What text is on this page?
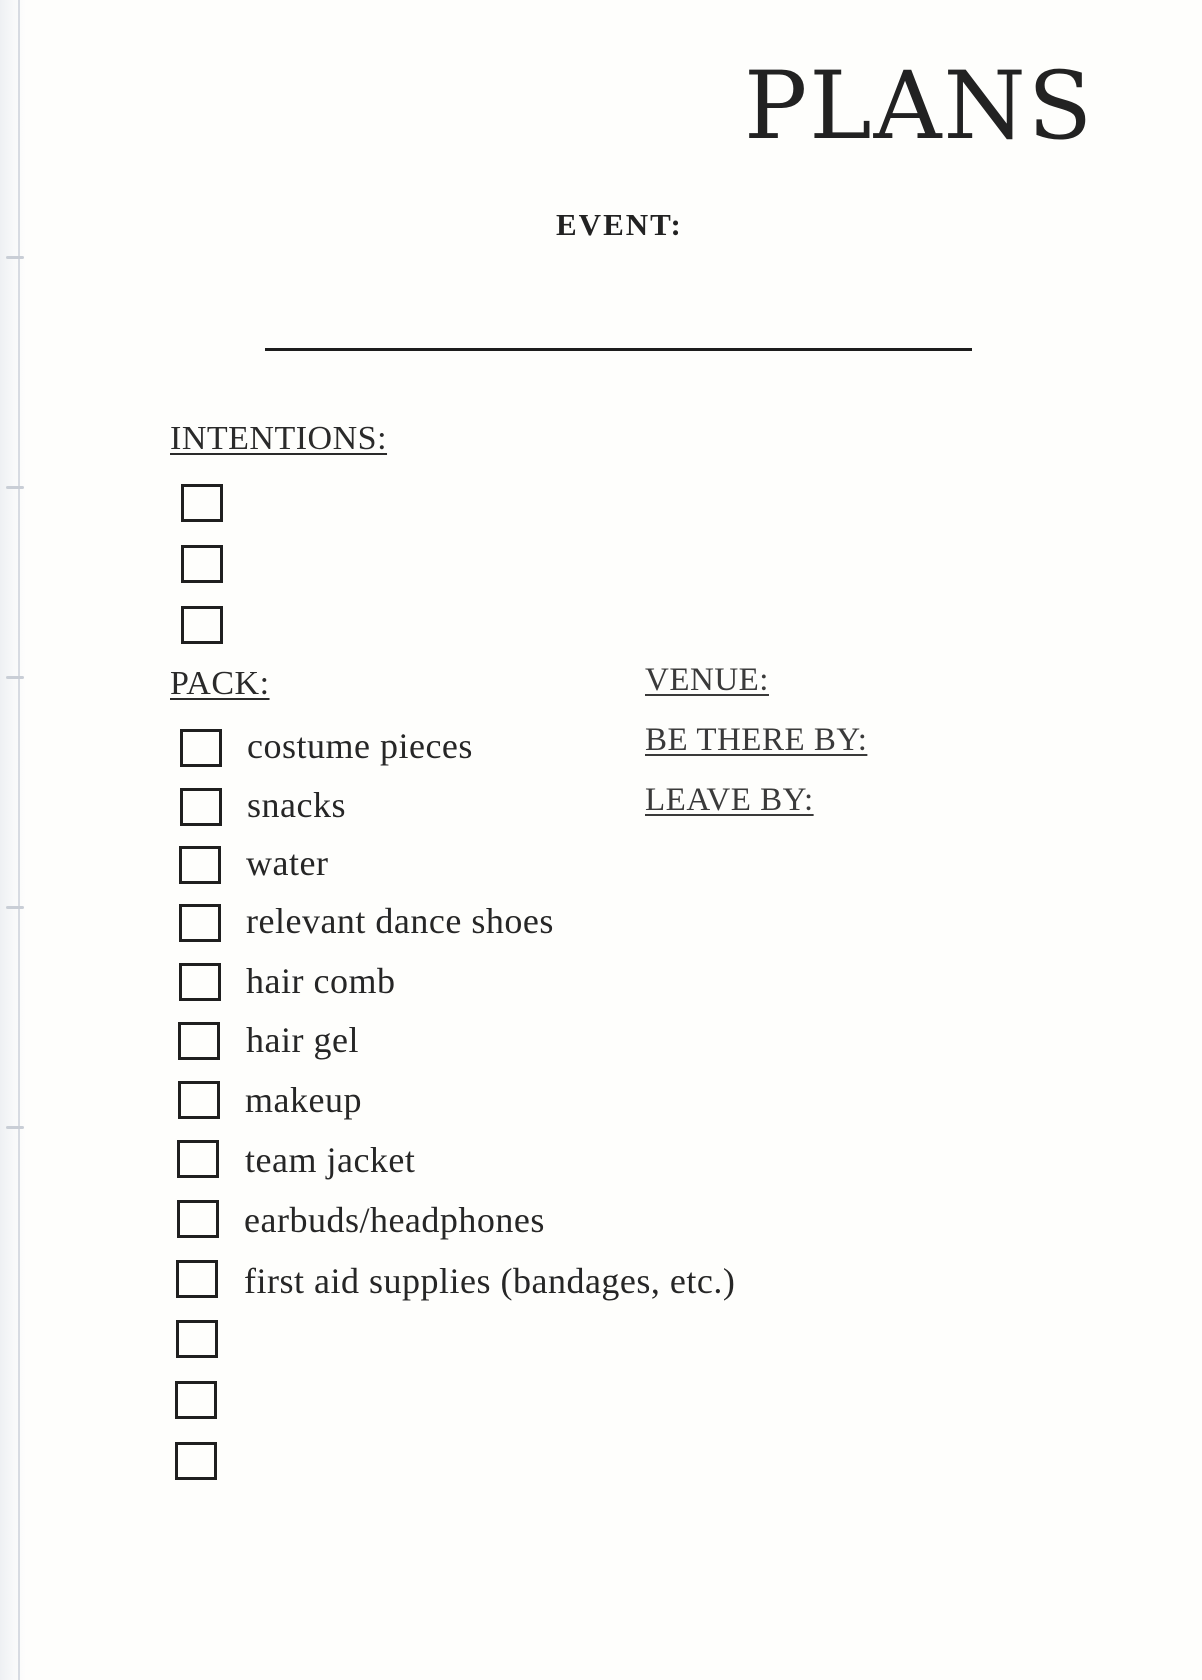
PLANS
EVENT:
INTENTIONS:
PACK:
costume pieces
snacks
water
relevant dance shoes
hair comb
hair gel
makeup
team jacket
earbuds/headphones
first aid supplies (bandages, etc.)
VENUE:
BE THERE BY:
LEAVE BY:
